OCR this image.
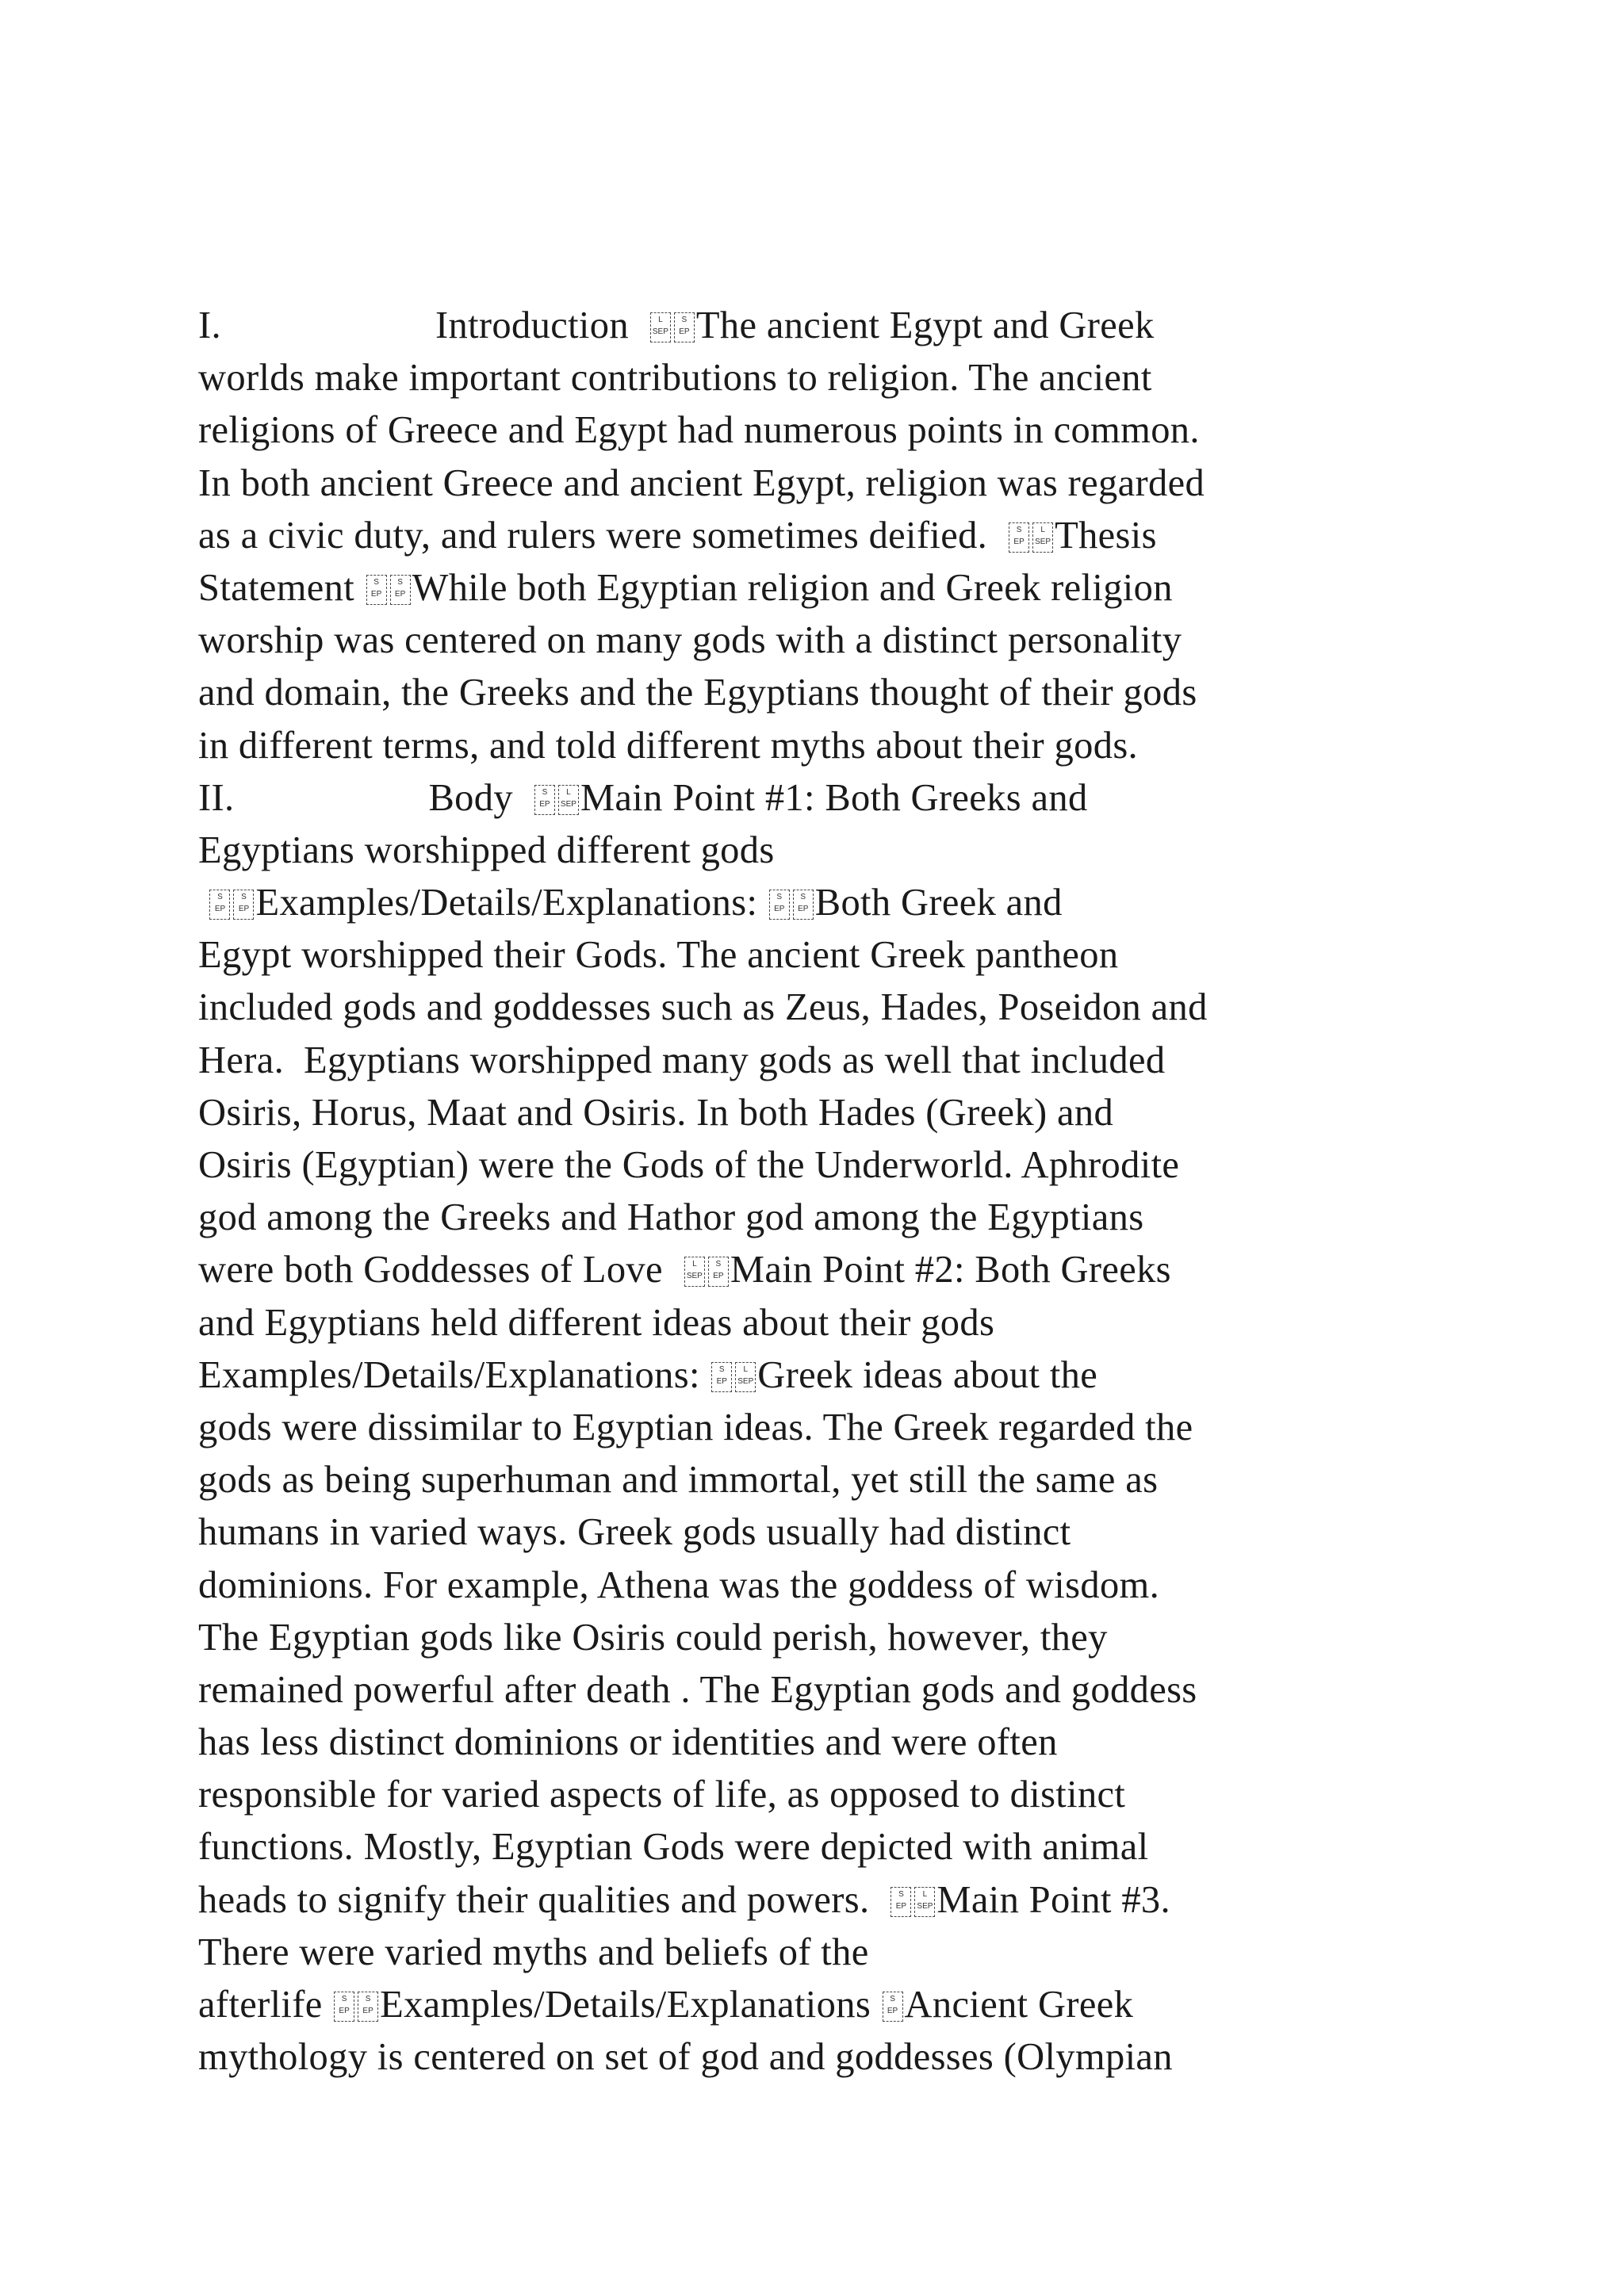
I.	Introduction  L  SEPS  EPThe ancient Egypt and Greek
worlds make important contributions to religion. The ancient
religions of Greece and Egypt had numerous points in common.
In both ancient Greece and ancient Egypt, religion was regarded
as a civic duty, and rulers were sometimes deified.  S  EPL  SEPThesis
Statement S  EPS  EPWhile both Egyptian religion and Greek religion
worship was centered on many gods with a distinct personality
and domain, the Greeks and the Egyptians thought of their gods
in different terms, and told different myths about their gods.
II.	Body  S  EPL  SEPMain Point #1: Both Greeks and
Egyptians worshipped different gods
S  EPS  EPExamples/Details/Explanations: S  EPS  EPBoth Greek and
Egypt worshipped their Gods. The ancient Greek pantheon
included gods and goddesses such as Zeus, Hades, Poseidon and
Hera.  Egyptians worshipped many gods as well that included
Osiris, Horus, Maat and Osiris. In both Hades (Greek) and
Osiris (Egyptian) were the Gods of the Underworld. Aphrodite
god among the Greeks and Hathor god among the Egyptians
were both Goddesses of Love  L  SEPS  EPMain Point #2: Both Greeks
and Egyptians held different ideas about their gods
Examples/Details/Explanations: S  EPL  SEPGreek ideas about the
gods were dissimilar to Egyptian ideas. The Greek regarded the
gods as being superhuman and immortal, yet still the same as
humans in varied ways. Greek gods usually had distinct
dominions. For example, Athena was the goddess of wisdom.
The Egyptian gods like Osiris could perish, however, they
remained powerful after death . The Egyptian gods and goddess
has less distinct dominions or identities and were often
responsible for varied aspects of life, as opposed to distinct
functions. Mostly, Egyptian Gods were depicted with animal
heads to signify their qualities and powers.  S  EPL  SEPMain Point #3.
There were varied myths and beliefs of the
afterlife S  EPS  EPExamples/Details/Explanations S  EPAncient Greek
mythology is centered on set of god and goddesses (Olympian
